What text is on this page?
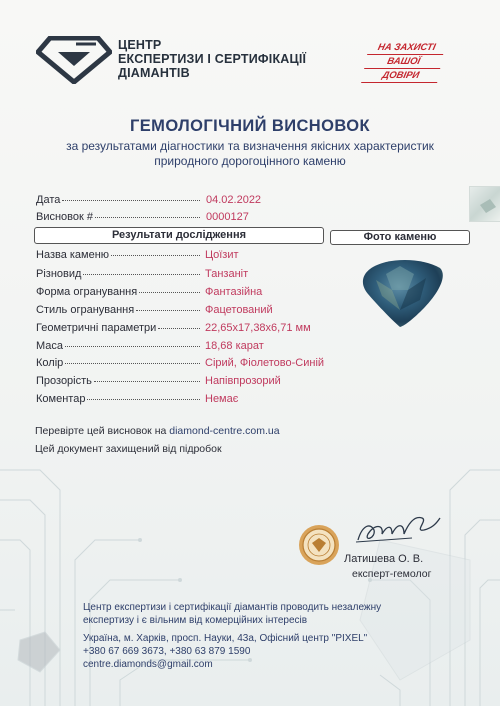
ЦЕНТР
ЕКСПЕРТИЗИ І СЕРТИФІКАЦІЇ
ДІАМАНТІВ
НА ЗАХИСТІ
ВАШОЇ
ДОВІРИ
ГЕМОЛОГІЧНИЙ ВИСНОВОК
за результатами діагностики та визначення якісних характеристик
природного дорогоцінного каменю
Дата	04.02.2022
Висновок #	0000127
Результати дослідження	Фото каменю
Назва каменю	Цоїзит
Різновид	Танзаніт
Форма огранування	Фантазійна
Стиль огранування	Фацетований
Геометричні параметри	22,65x17,38x6,71 мм
Маса	18,68 карат
Колір	Сірий, Фіолетово-Синій
Прозорість	Напівпрозорий
Коментар	Немає
Перевірте цей висновок на diamond-centre.com.ua
Цей документ захищений від підробок
Латишева О. В.
експерт-гемолог
Центр експертизи і сертифікації діамантів проводить незалежну
експертизу і є вільним від комерційних інтересів
Україна, м. Харків, просп. Науки, 43а, Офісний центр "PIXEL"
+380 67 669 3673, +380 63 879 1590
centre.diamonds@gmail.com
